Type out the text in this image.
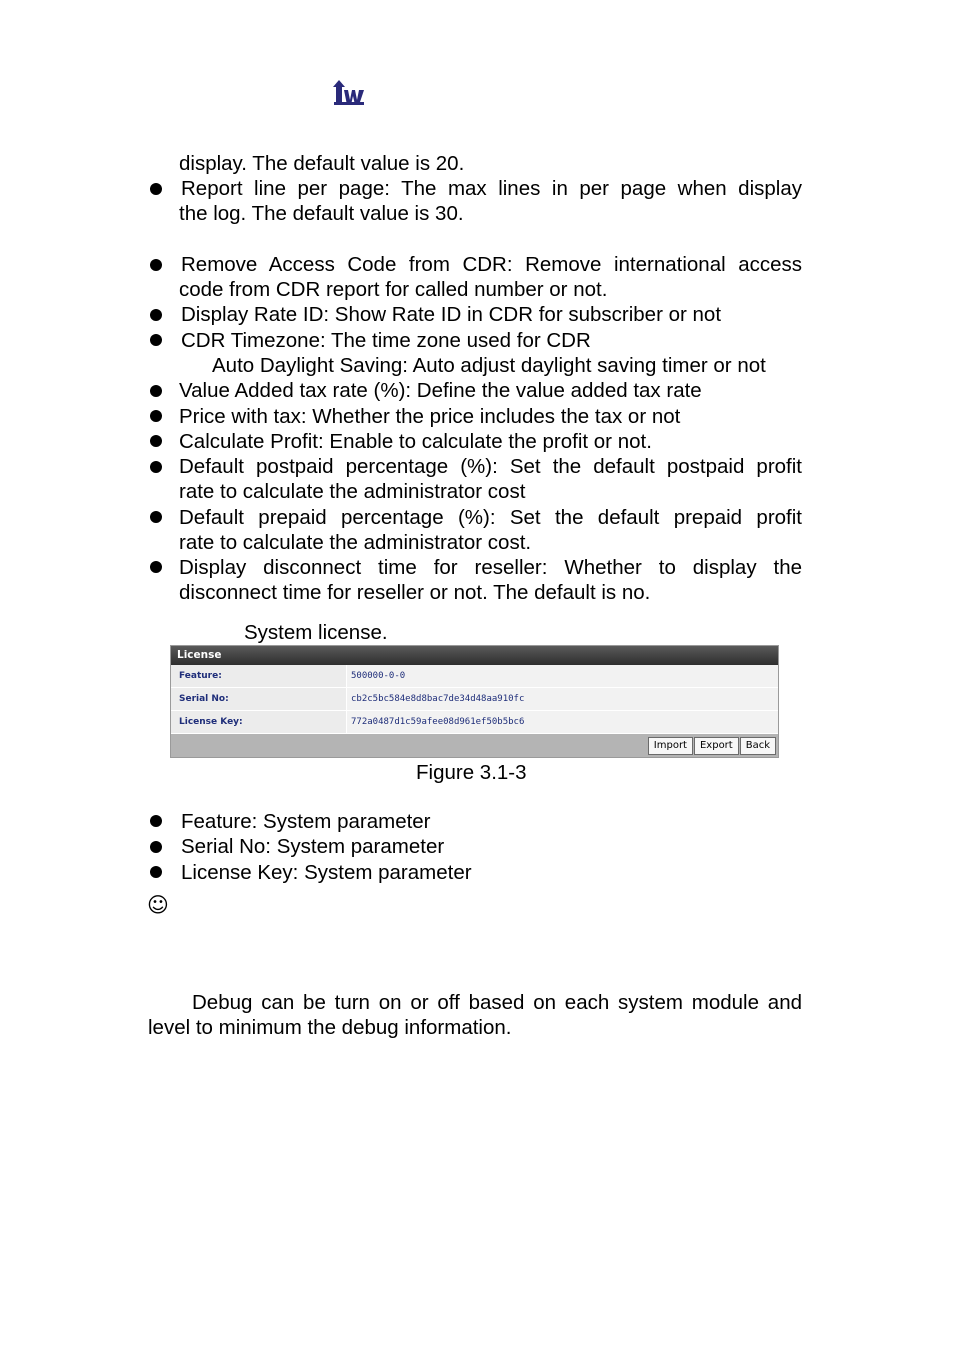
display. The default value is 20.
Report line per page: The max lines in per page when display
the log. The default value is 30.
Remove Access Code from CDR: Remove international access
code from CDR report for called number or not.
Display Rate ID: Show Rate ID in CDR for subscriber or not
CDR Timezone: The time zone used for CDR
Auto Daylight Saving: Auto adjust daylight saving timer or not
Value Added tax rate (%): Define the value added tax rate
Price with tax: Whether the price includes the tax or not
Calculate Profit: Enable to calculate the profit or not.
Default postpaid percentage (%): Set the default postpaid profit
rate to calculate the administrator cost
Default prepaid percentage (%): Set the default prepaid profit
rate to calculate the administrator cost.
Display disconnect time for reseller: Whether to display the
disconnect time for reseller or not. The default is no.
System license.
License
Feature:	500000-0-0
Serial No:	cb2c5bc584e8d8bac7de34d48aa910fc
License Key:	772a0487d1c59afee08d961ef50b5bc6
Import	Export	Back
Figure 3.1-3
Feature: System parameter
Serial No: System parameter
License Key: System parameter
☺
Debug can be turn on or off based on each system module and
level to minimum the debug information.
